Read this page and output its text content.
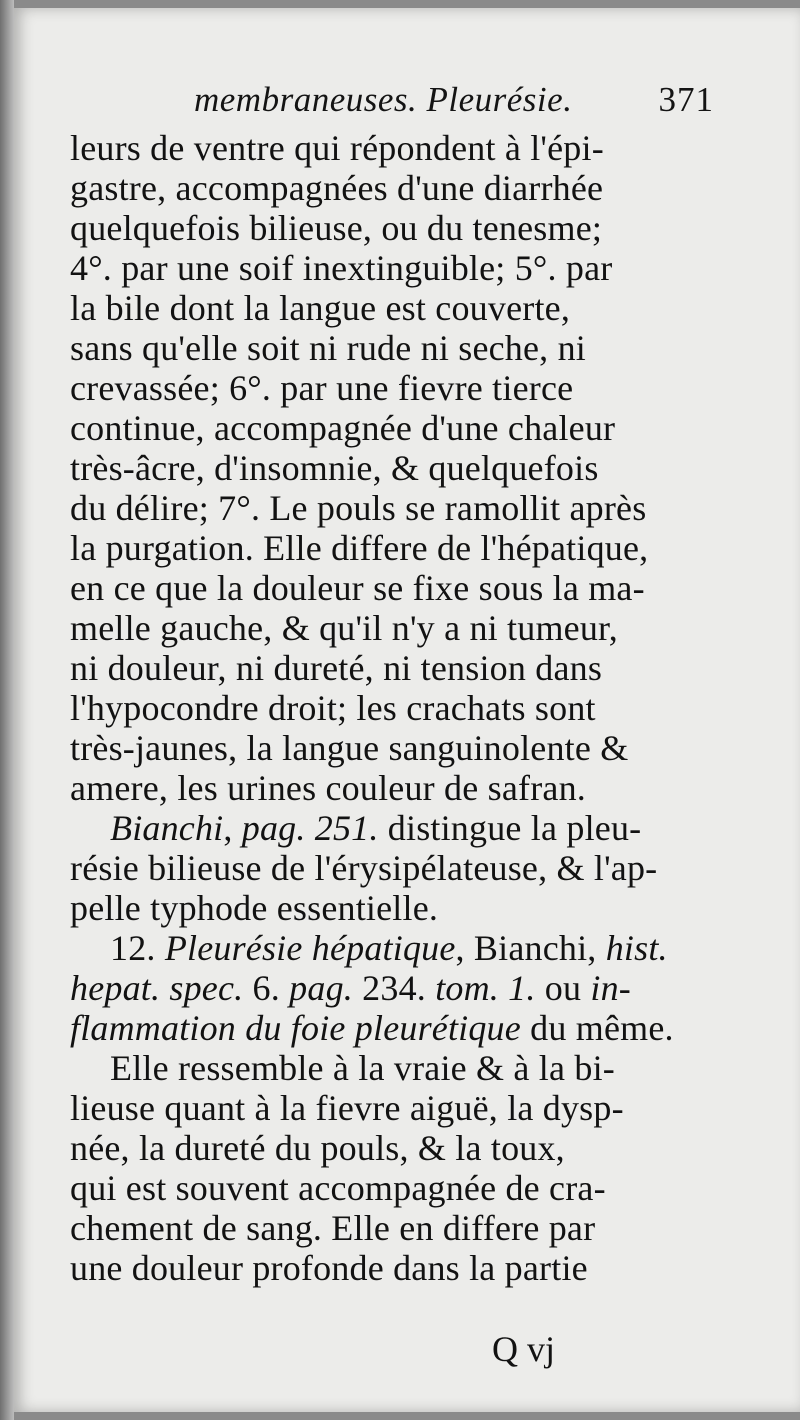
membraneuses. Pleurésie. 371
leurs de ventre qui répondent à l'épi-
gastre, accompagnées d'une diarrhée
quelquefois bilieuse, ou du tenesme;
4°. par une soif inextinguible; 5°. par
la bile dont la langue est couverte,
sans qu'elle soit ni rude ni seche, ni
crevassée; 6°. par une fievre tierce
continue, accompagnée d'une chaleur
très-âcre, d'insomnie, & quelquefois
du délire; 7°. Le pouls se ramollit après
la purgation. Elle differe de l'hépatique,
en ce que la douleur se fixe sous la ma-
melle gauche, & qu'il n'y a ni tumeur,
ni douleur, ni dureté, ni tension dans
l'hypocondre droit; les crachats sont
très-jaunes, la langue sanguinolente &
amere, les urines couleur de safran.
Bianchi, pag. 251. distingue la pleu-
résie bilieuse de l'érysipélateuse, & l'ap-
pelle typhode essentielle.
12. Pleurésie hépatique, Bianchi, hist.
hepat. spec. 6. pag. 234. tom. 1. ou in-
flammation du foie pleurétique du même.
Elle ressemble à la vraie & à la bi-
lieuse quant à la fievre aiguë, la dysp-
née, la dureté du pouls, & la toux,
qui est souvent accompagnée de cra-
chement de sang. Elle en differe par
une douleur profonde dans la partie
Q vj
